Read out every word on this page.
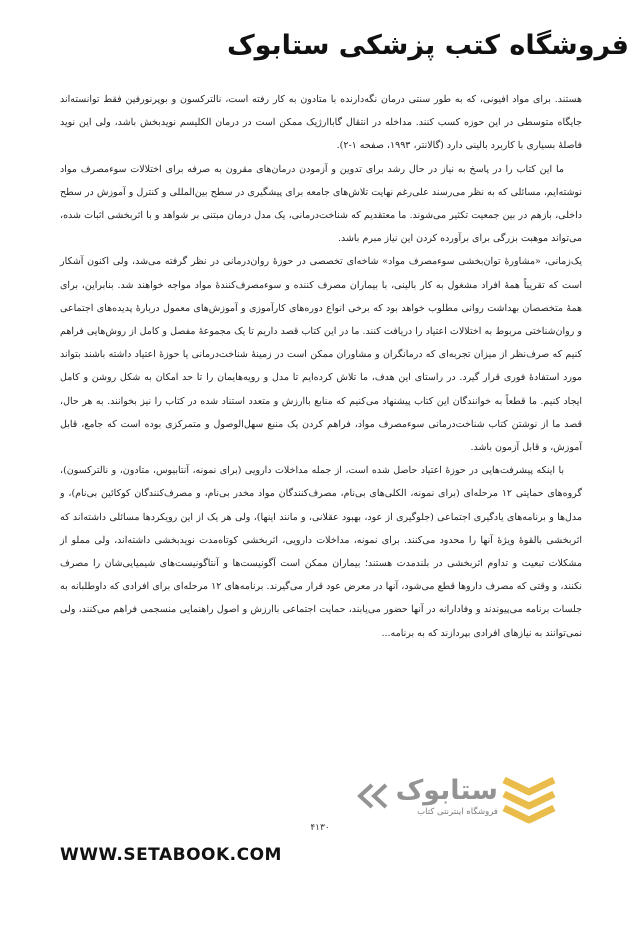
فروشگاه کتب پزشکی ستابوک

هستند. برای مواد افیونی، که به طور سنتی درمان نگه‌دارنده با متادون به کار رفته است، نالترکسون و بوپرنورفین فقط توانسته‌اند جایگاه متوسطی در این حوزه کسب کنند. مداخله در انتقال گاباارژیک ممکن است در درمان الکلیسم نویدبخش باشد، ولی این نوید فاصلهٔ بسیاری با کاربرد بالینی دارد (گالانتر، ۱۹۹۳، صفحه ۱-۲).

ما این کتاب را در پاسخ به نیاز در حال رشد برای تدوین و آزمودن درمان‌های مقرون به صرفه برای اختلالات سوءمصرف مواد نوشته‌ایم، مسائلی که به نظر می‌رسند علی‌رغم نهایت تلاش‌های جامعه برای پیشگیری در سطح بین‌المللی و کنترل و آموزش در سطح داخلی، بازهم در بین جمعیت تکثیر می‌شوند. ما معتقدیم که شناخت‌درمانی، یک مدل درمان مبتنی بر شواهد و با اثربخشی اثبات شده، می‌تواند موهبت بزرگی برای برآورده کردن این نیاز مبرم باشد.

یک‌زمانی، «مشاورهٔ توان‌بخشی سوءمصرف مواد» شاخه‌ای تخصصی در حوزهٔ روان‌درمانی در نظر گرفته می‌شد، ولی اکنون آشکار است که تقریباً همهٔ افراد مشغول به کار بالینی، با بیماران مصرف کننده و سوءمصرف‌کنندهٔ مواد مواجه خواهند شد. بنابراین، برای همهٔ متخصصان بهداشت روانی مطلوب خواهد بود که برخی انواع دوره‌های کارآموزی و آموزش‌های معمول دربارهٔ پدیده‌های اجتماعی و روان‌شناختی مربوط به اختلالات اعتیاد را دریافت کنند. ما در این کتاب قصد داریم تا یک مجموعهٔ مفصل و کامل از روش‌هایی فراهم کنیم که صرف‌نظر از میزان تجربه‌ای که درمانگران و مشاوران ممکن است در زمینهٔ شناخت‌درمانی یا حوزهٔ اعتیاد داشته باشند بتواند مورد استفادهٔ فوری قرار گیرد. در راستای این هدف، ما تلاش کرده‌ایم تا مدل و رویه‌هایمان را تا حد امکان به شکل روشن و کامل ایجاد کنیم. ما قطعاً به خوانندگان این کتاب پیشنهاد می‌کنیم که منابع باارزش و متعدد استناد شده در کتاب را نیز بخوانند. به هر حال، قصد ما از نوشتن کتاب شناخت‌درمانی سوءمصرف مواد، فراهم کردن یک منبع سهل‌الوصول و متمرکزی بوده است که جامع، قابل آموزش، و قابل آزمون باشد.

با اینکه پیشرفت‌هایی در حوزهٔ اعتیاد حاصل شده است، از جمله مداخلات دارویی (برای نمونه، آنتابیوس، متادون، و نالترکسون)، گروه‌های حمایتی ۱۲ مرحله‌ای (برای نمونه، الکلی‌های بی‌نام، مصرف‌کنندگان مواد مخدر بی‌نام، و مصرف‌کنندگان کوکائین بی‌نام)، و مدل‌ها و برنامه‌های یادگیری اجتماعی (جلوگیری از عود، بهبود عقلانی، و مانند اینها)، ولی هر یک از این رویکردها مسائلی داشته‌اند که اثربخشی بالقوهٔ ویژهٔ آنها را محدود می‌کنند. برای نمونه، مداخلات دارویی، اثربخشی کوتاه‌مدت نویدبخشی داشته‌اند، ولی مملو از مشکلات تبعیت و تداوم اثربخشی در بلندمدت هستند؛ بیماران ممکن است آگونیست‌ها و آنتاگونیست‌های شیمیایی‌شان را مصرف نکنند، و وقتی که مصرف داروها قطع می‌شود، آنها در معرض عود قرار می‌گیرند. برنامه‌های ۱۲ مرحله‌ای برای افرادی که داوطلبانه به جلسات برنامه می‌پیوندند و وفادارانه در آنها حضور می‌یابند، حمایت اجتماعی باارزش و اصول راهنمایی منسجمی فراهم می‌کنند، ولی نمی‌توانند به نیازهای افرادی بپردازند که به برنامه...

۴۱۳۰
ستابوک
فروشگاه اینترنتی کتاب
WWW.SETABOOK.COM
